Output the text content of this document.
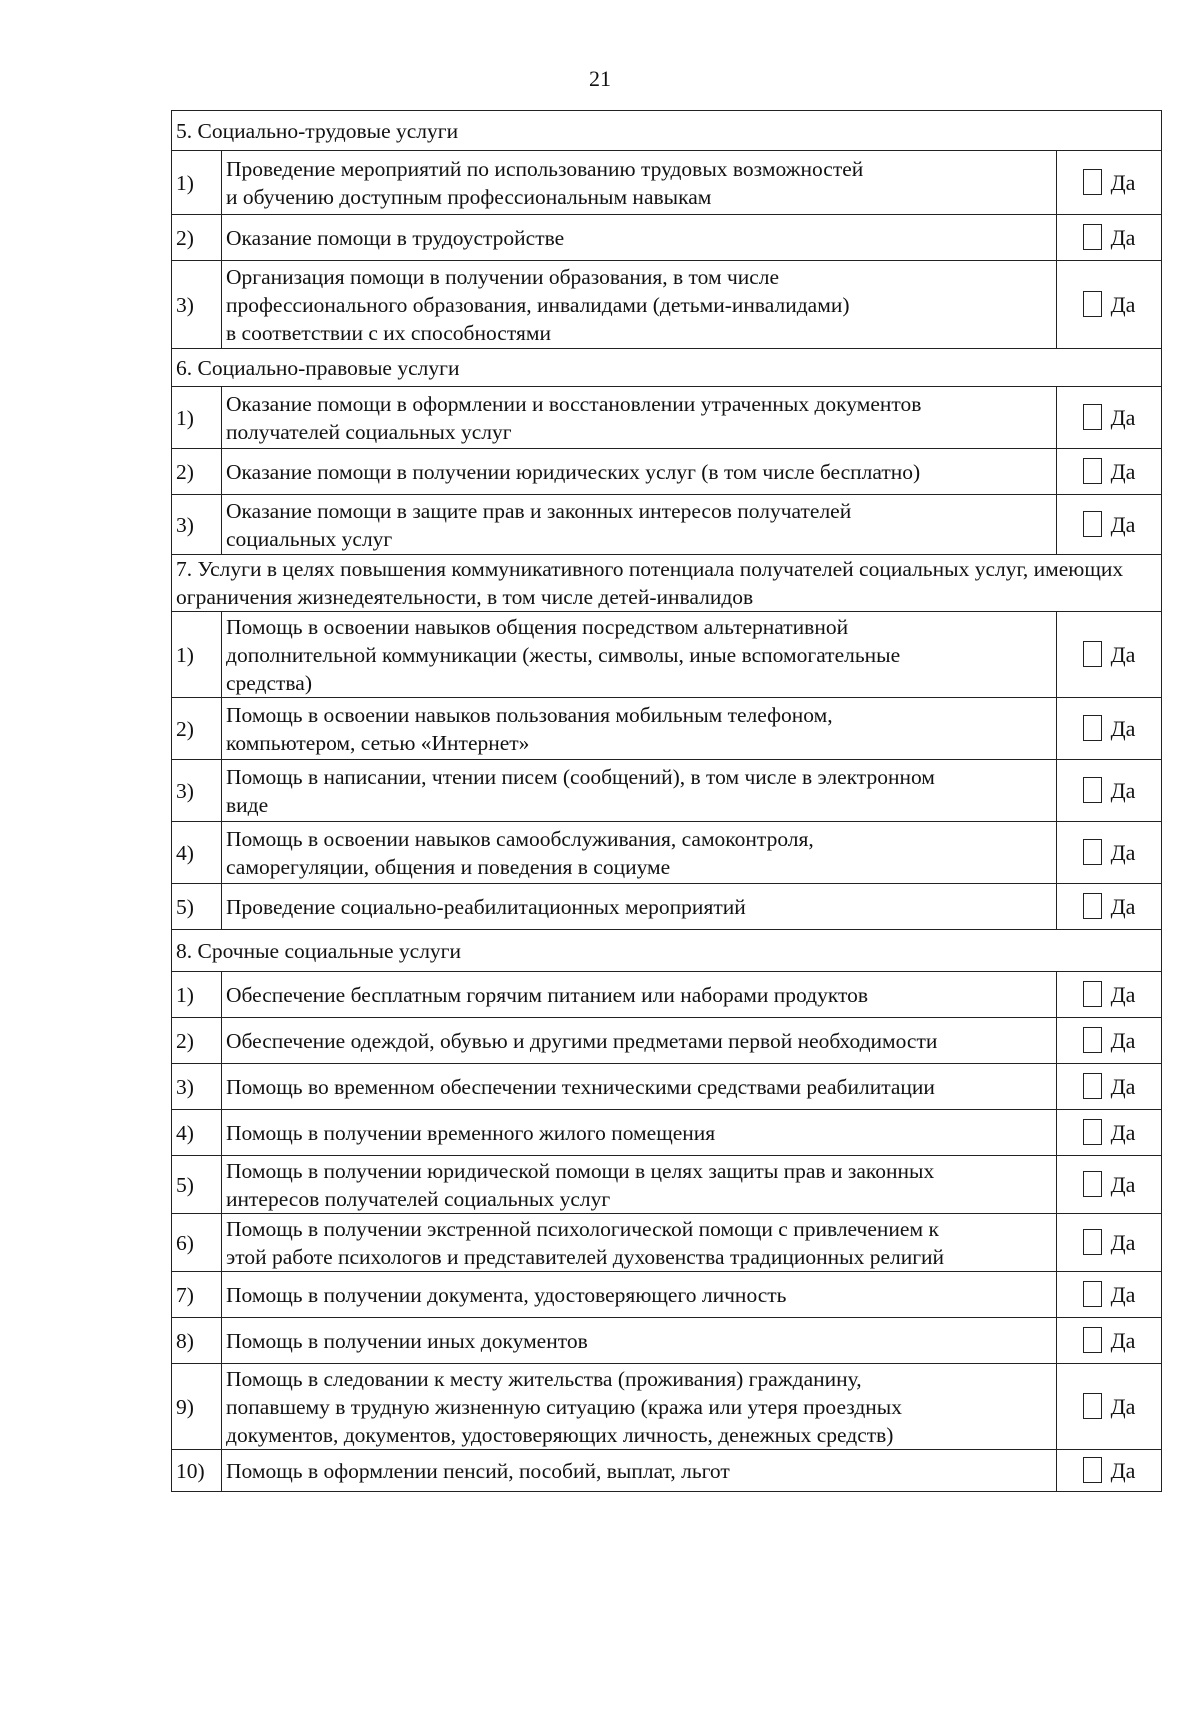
21
5. Социально-трудовые услуги		
1)	Проведение мероприятий по использованию трудовых возможностей
и обучению доступным профессиональным навыкам	Да
2)	Оказание помощи в трудоустройстве	Да
3)	Организация помощи в получении образования, в том числе
профессионального образования, инвалидами (детьми-инвалидами)
в соответствии с их способностями	Да
6. Социально-правовые услуги		
1)	Оказание помощи в оформлении и восстановлении утраченных документов
получателей социальных услуг	Да
2)	Оказание помощи в получении юридических услуг (в том числе бесплатно)	Да
3)	Оказание помощи в защите прав и законных интересов получателей
социальных услуг	Да
7. Услуги в целях повышения коммуникативного потенциала получателей социальных услуг, имеющих ограничения жизнедеятельности, в том числе детей-инвалидов		
1)	Помощь в освоении навыков общения посредством альтернативной
дополнительной коммуникации (жесты, символы, иные вспомогательные
средства)	Да
2)	Помощь в освоении навыков пользования мобильным телефоном,
компьютером, сетью «Интернет»	Да
3)	Помощь в написании, чтении писем (сообщений), в том числе в электронном
виде	Да
4)	Помощь в освоении навыков самообслуживания, самоконтроля,
саморегуляции, общения и поведения в социуме	Да
5)	Проведение социально-реабилитационных мероприятий	Да
8. Срочные социальные услуги		
1)	Обеспечение бесплатным горячим питанием или наборами продуктов	Да
2)	Обеспечение одеждой, обувью и другими предметами первой необходимости	Да
3)	Помощь во временном обеспечении техническими средствами реабилитации	Да
4)	Помощь в получении временного жилого помещения	Да
5)	Помощь в получении юридической помощи в целях защиты прав и законных
интересов получателей социальных услуг	Да
6)	Помощь в получении экстренной психологической помощи с привлечением к
этой работе психологов и представителей духовенства традиционных религий	Да
7)	Помощь в получении документа, удостоверяющего личность	Да
8)	Помощь в получении иных документов	Да
9)	Помощь в следовании к месту жительства (проживания) гражданину,
попавшему в трудную жизненную ситуацию (кража или утеря проездных
документов, документов, удостоверяющих личность, денежных средств)	Да
10)	Помощь в оформлении пенсий, пособий, выплат, льгот	Да
